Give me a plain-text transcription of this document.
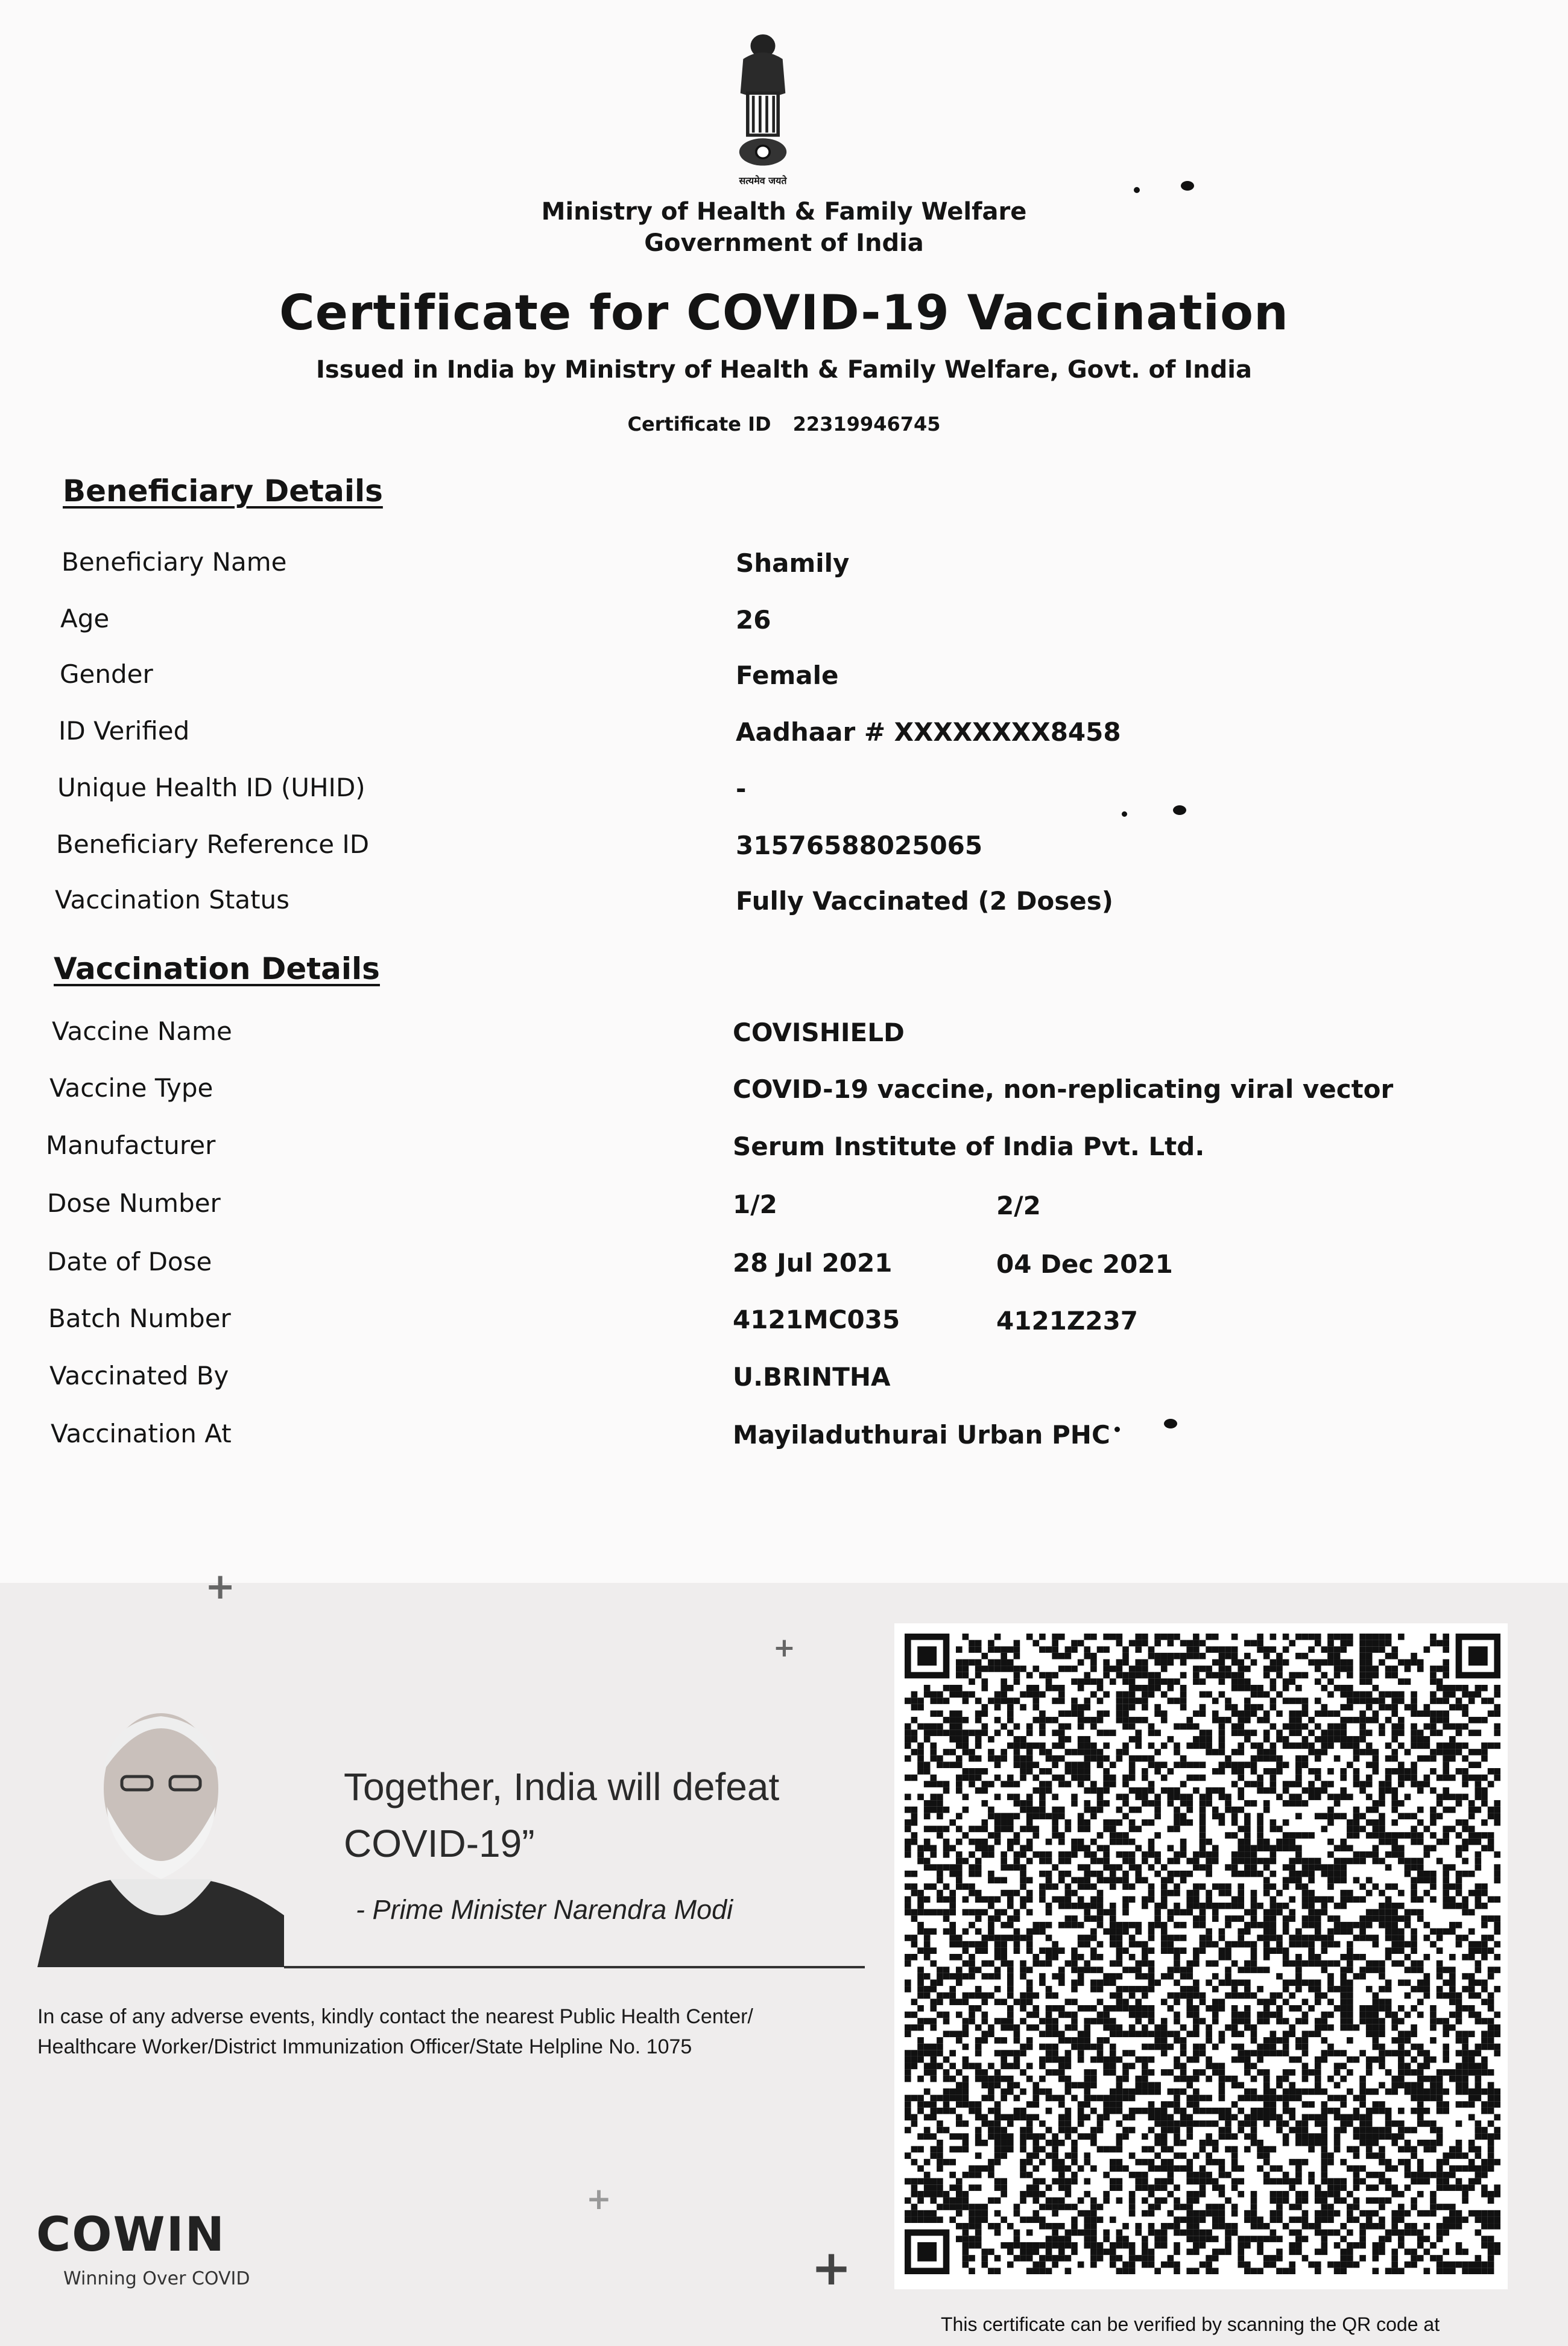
सत्यमेव जयते
Ministry of Health & Family Welfare
Government of India
Certificate for COVID-19 Vaccination
Issued in India by Ministry of Health & Family Welfare, Govt. of India
Certificate ID 22319946745
Beneficiary Details
Beneficiary Name	Shamily
Age	26
Gender	Female
ID Verified	Aadhaar # XXXXXXXX8458
Unique Health ID (UHID)	-
Beneficiary Reference ID	31576588025065
Vaccination Status	Fully Vaccinated (2 Doses)
Vaccination Details
Vaccine Name	COVISHIELD
Vaccine Type	COVID-19 vaccine, non-replicating viral vector
Manufacturer	Serum Institute of India Pvt. Ltd.
Dose Number	1/2	2/2
Date of Dose	28 Jul 2021	04 Dec 2021
Batch Number	4121MC035	4121Z237
Vaccinated By	U.BRINTHA
Vaccination At	Mayiladuthurai Urban PHC
+
+
+
+
Together, India will defeat
COVID-19”
- Prime Minister Narendra Modi
In case of any adverse events, kindly contact the nearest Public Health Center/
Healthcare Worker/District Immunization Officer/State Helpline No. 1075
COWIN
Winning Over COVID
This certificate can be verified by scanning the QR code at
